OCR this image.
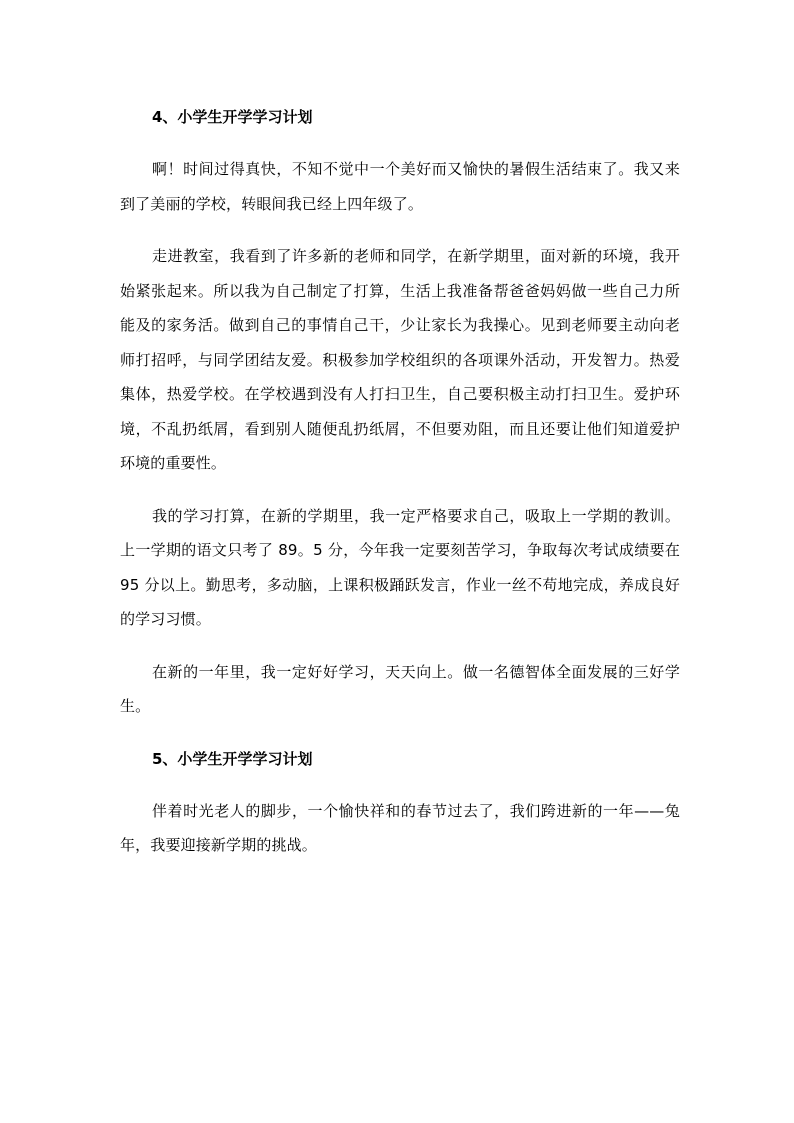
4、小学生开学学习计划

啊！时间过得真快，不知不觉中一个美好而又愉快的暑假生活结束了。我又来到了美丽的学校，转眼间我已经上四年级了。

走进教室，我看到了许多新的老师和同学，在新学期里，面对新的环境，我开始紧张起来。所以我为自己制定了打算，生活上我准备帮爸爸妈妈做一些自己力所能及的家务活。做到自己的事情自己干，少让家长为我操心。见到老师要主动向老师打招呼，与同学团结友爱。积极参加学校组织的各项课外活动，开发智力。热爱集体，热爱学校。在学校遇到没有人打扫卫生，自己要积极主动打扫卫生。爱护环境，不乱扔纸屑，看到别人随便乱扔纸屑，不但要劝阻，而且还要让他们知道爱护环境的重要性。

我的学习打算，在新的学期里，我一定严格要求自己，吸取上一学期的教训。上一学期的语文只考了 89。5 分，今年我一定要刻苦学习，争取每次考试成绩要在 95 分以上。勤思考，多动脑，上课积极踊跃发言，作业一丝不苟地完成，养成良好的学习习惯。

在新的一年里，我一定好好学习，天天向上。做一名德智体全面发展的三好学生。

5、小学生开学学习计划

伴着时光老人的脚步，一个愉快祥和的春节过去了，我们跨进新的一年——兔年，我要迎接新学期的挑战。
